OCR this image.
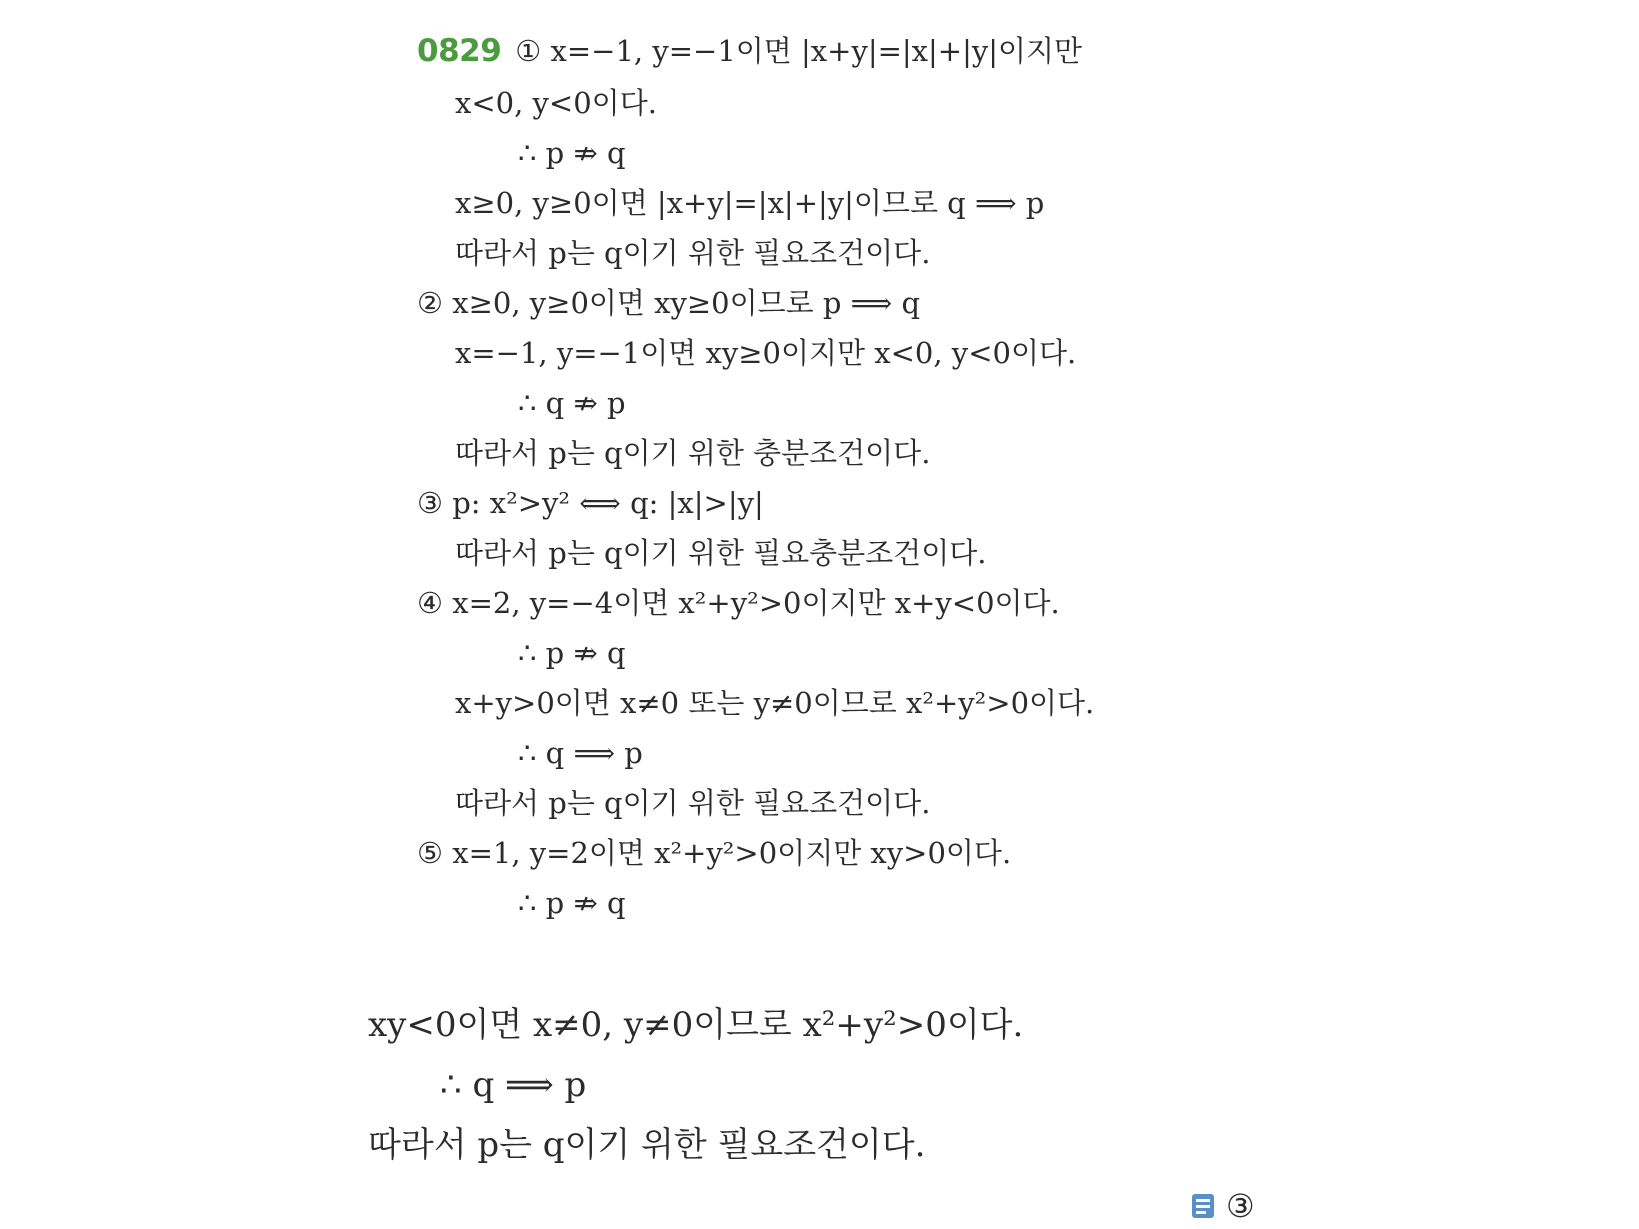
0829 ① x=−1, y=−1이면 |x+y|=|x|+|y|이지만
x<0, y<0이다.
∴ p ⇏ q
x≥0, y≥0이면 |x+y|=|x|+|y|이므로 q ⟹ p
따라서 p는 q이기 위한 필요조건이다.
② x≥0, y≥0이면 xy≥0이므로 p ⟹ q
x=−1, y=−1이면 xy≥0이지만 x<0, y<0이다.
∴ q ⇏ p
따라서 p는 q이기 위한 충분조건이다.
③ p: x²>y² ⟺ q: |x|>|y|
따라서 p는 q이기 위한 필요충분조건이다.
④ x=2, y=−4이면 x²+y²>0이지만 x+y<0이다.
∴ p ⇏ q
x+y>0이면 x≠0 또는 y≠0이므로 x²+y²>0이다.
∴ q ⟹ p
따라서 p는 q이기 위한 필요조건이다.
⑤ x=1, y=2이면 x²+y²>0이지만 xy>0이다.
∴ p ⇏ q
xy<0이면 x≠0, y≠0이므로 x²+y²>0이다.
∴ q ⟹ p
따라서 p는 q이기 위한 필요조건이다.
③
